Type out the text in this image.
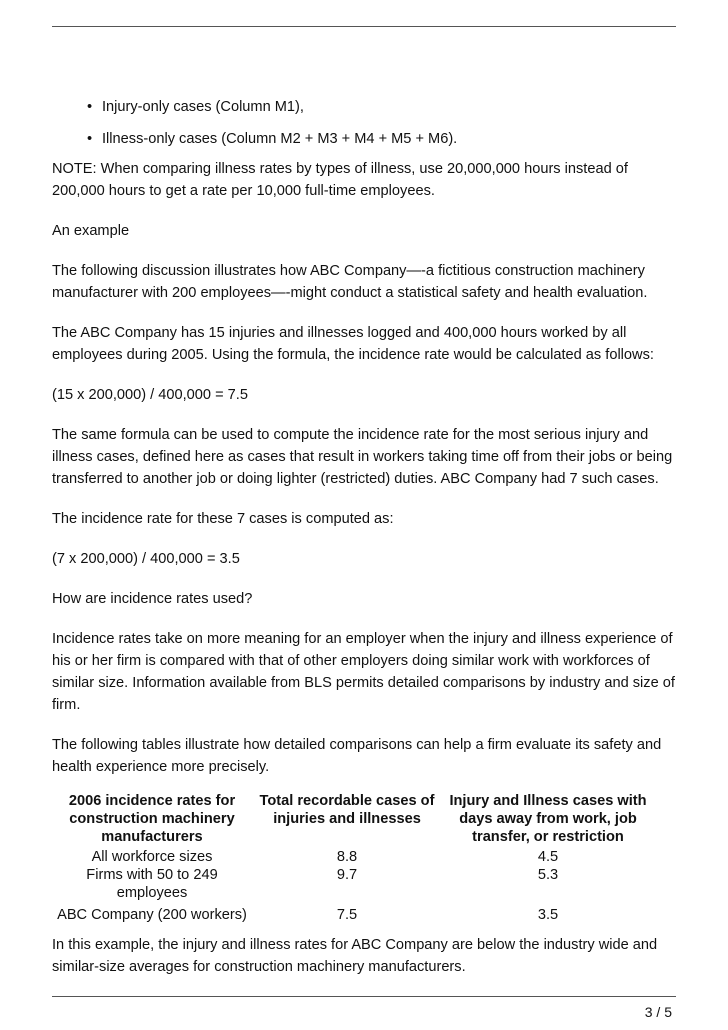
• Injury-only cases (Column M1),
• Illness-only cases (Column M2 + M3 + M4 + M5 + M6).

NOTE: When comparing illness rates by types of illness, use 20,000,000 hours instead of 200,000 hours to get a rate per 10,000 full-time employees.

An example

The following discussion illustrates how ABC Company—-a fictitious construction machinery manufacturer with 200 employees—-might conduct a statistical safety and health evaluation.

The ABC Company has 15 injuries and illnesses logged and 400,000 hours worked by all employees during 2005. Using the formula, the incidence rate would be calculated as follows:

(15 x 200,000) / 400,000 = 7.5

The same formula can be used to compute the incidence rate for the most serious injury and illness cases, defined here as cases that result in workers taking time off from their jobs or being transferred to another job or doing lighter (restricted) duties. ABC Company had 7 such cases.

The incidence rate for these 7 cases is computed as:

(7 x 200,000) / 400,000 = 3.5

How are incidence rates used?

Incidence rates take on more meaning for an employer when the injury and illness experience of his or her firm is compared with that of other employers doing similar work with workforces of similar size. Information available from BLS permits detailed comparisons by industry and size of firm.

The following tables illustrate how detailed comparisons can help a firm evaluate its safety and health experience more precisely.

2006 incidence rates for construction machinery manufacturers	Total recordable cases of injuries and illnesses	Injury and Illness cases with days away from work, job transfer, or restriction
All workforce sizes	8.8	4.5
Firms with 50 to 249 employees	9.7	5.3
ABC Company (200 workers)	7.5	3.5

In this example, the injury and illness rates for ABC Company are below the industry wide and similar-size averages for construction machinery manufacturers.

3 / 5
